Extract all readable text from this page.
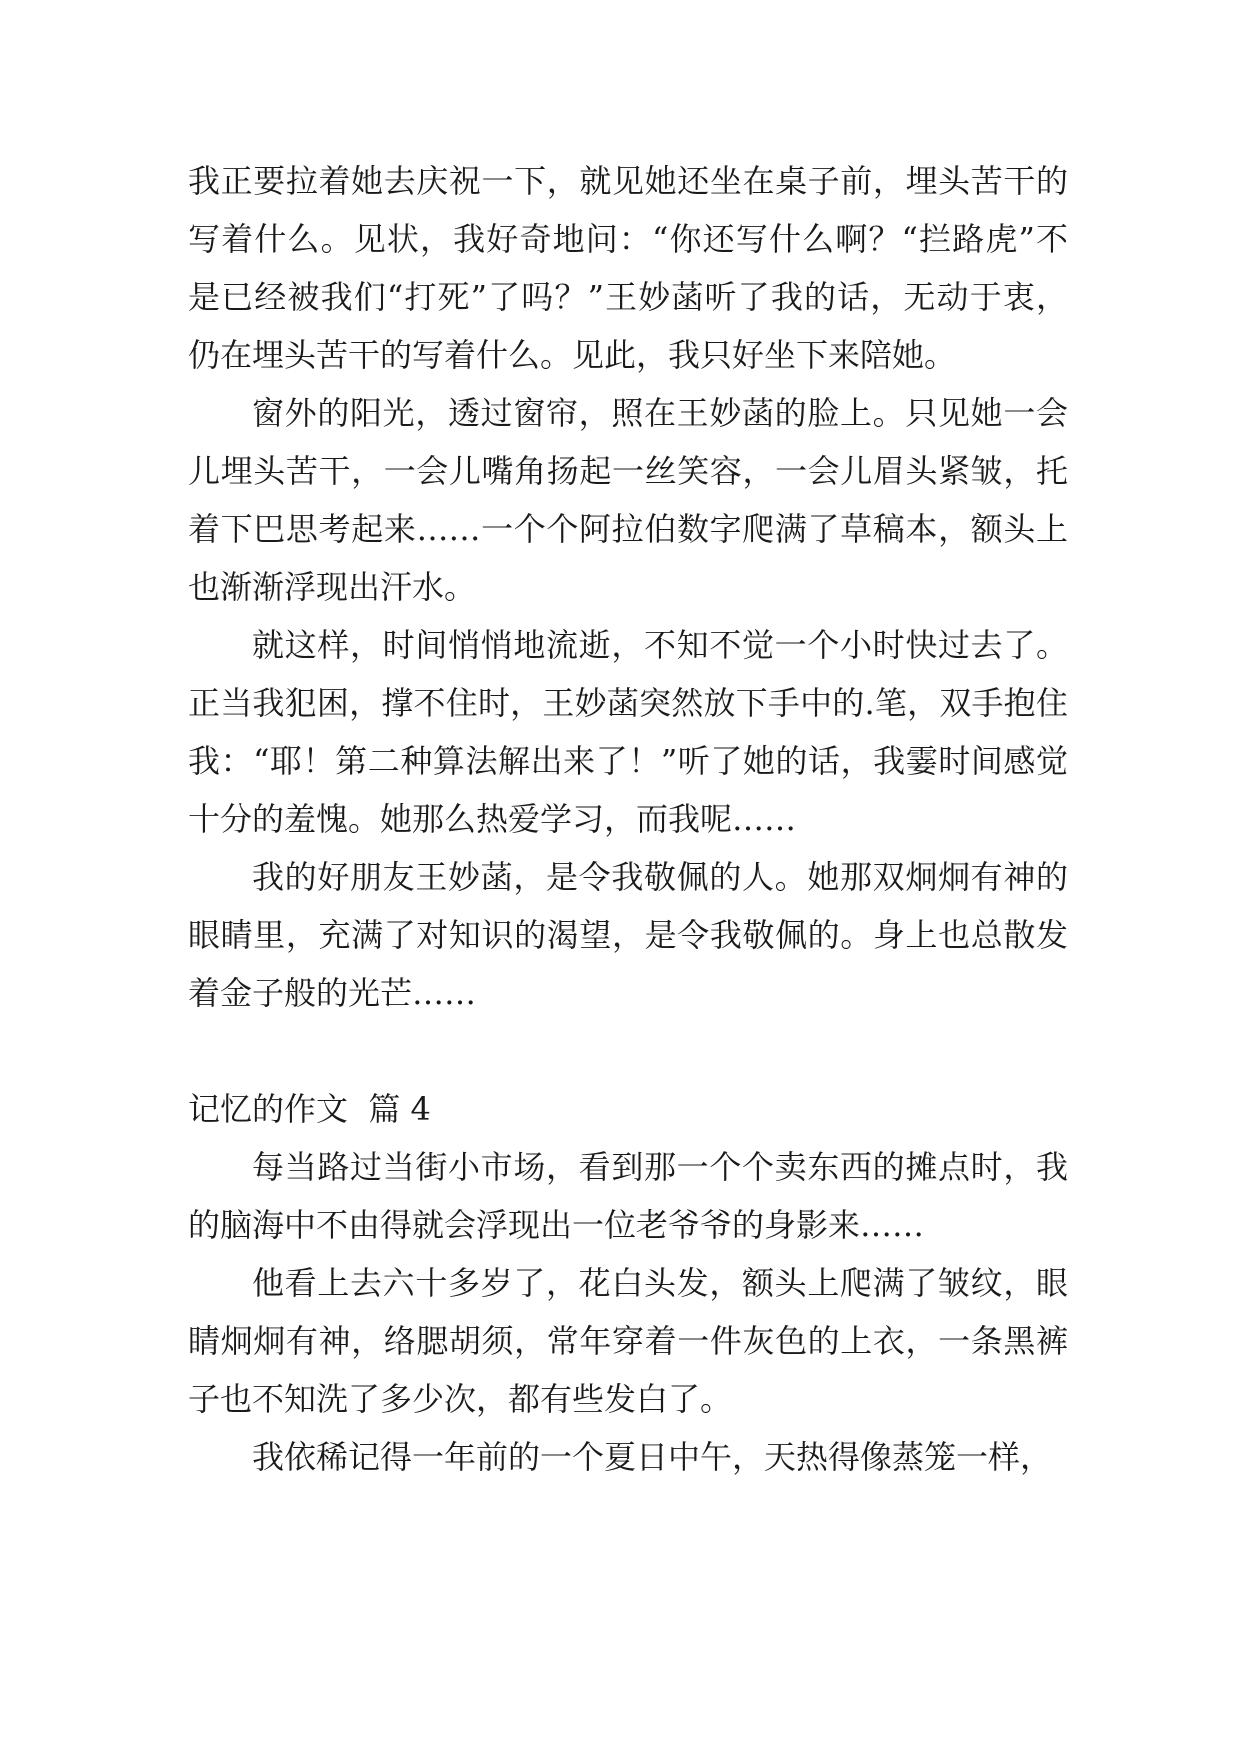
我正要拉着她去庆祝一下，就见她还坐在桌子前，埋头苦干的写着什么。见状，我好奇地问：“你还写什么啊？“拦路虎”不是已经被我们“打死”了吗？”王妙菡听了我的话，无动于衷，仍在埋头苦干的写着什么。见此，我只好坐下来陪她。

窗外的阳光，透过窗帘，照在王妙菡的脸上。只见她一会儿埋头苦干，一会儿嘴角扬起一丝笑容，一会儿眉头紧皱，托着下巴思考起来……一个个阿拉伯数字爬满了草稿本，额头上也渐渐浮现出汗水。

就这样，时间悄悄地流逝，不知不觉一个小时快过去了。正当我犯困，撑不住时，王妙菡突然放下手中的.笔，双手抱住我：“耶！第二种算法解出来了！”听了她的话，我霎时间感觉十分的羞愧。她那么热爱学习，而我呢……

我的好朋友王妙菡，是令我敬佩的人。她那双炯炯有神的眼睛里，充满了对知识的渴望，是令我敬佩的。身上也总散发着金子般的光芒……

记忆的作文  篇 4

每当路过当街小市场，看到那一个个卖东西的摊点时，我的脑海中不由得就会浮现出一位老爷爷的身影来……

他看上去六十多岁了，花白头发，额头上爬满了皱纹，眼睛炯炯有神，络腮胡须，常年穿着一件灰色的上衣，一条黑裤子也不知洗了多少次，都有些发白了。

我依稀记得一年前的一个夏日中午，天热得像蒸笼一样，
